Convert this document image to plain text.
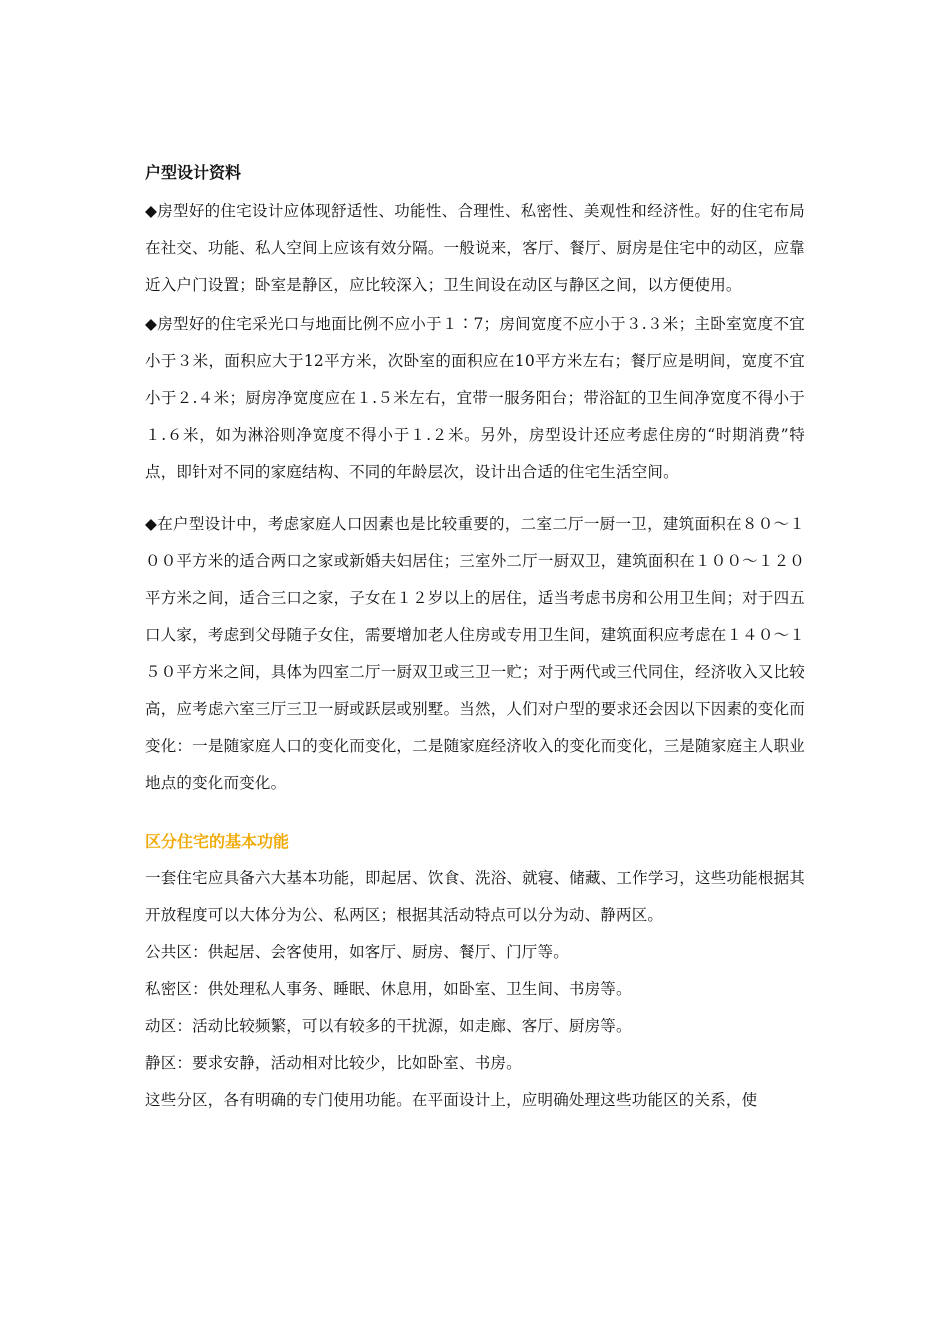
户型设计资料

◆房型好的住宅设计应体现舒适性、功能性、合理性、私密性、美观性和经济性。好的住宅布局在社交、功能、私人空间上应该有效分隔。一般说来，客厅、餐厅、厨房是住宅中的动区，应靠近入户门设置；卧室是静区，应比较深入；卫生间设在动区与静区之间，以方便使用。

◆房型好的住宅采光口与地面比例不应小于１∶7；房间宽度不应小于３.３米；主卧室宽度不宜小于３米，面积应大于12平方米，次卧室的面积应在10平方米左右；餐厅应是明间，宽度不宜小于２.４米；厨房净宽度应在１.５米左右，宜带一服务阳台；带浴缸的卫生间净宽度不得小于１.６米，如为淋浴则净宽度不得小于１.２米。另外，房型设计还应考虑住房的“时期消费”特点，即针对不同的家庭结构、不同的年龄层次，设计出合适的住宅生活空间。

◆在户型设计中，考虑家庭人口因素也是比较重要的，二室二厅一厨一卫，建筑面积在８０～１００平方米的适合两口之家或新婚夫妇居住；三室外二厅一厨双卫，建筑面积在１００～１２０平方米之间，适合三口之家，子女在１２岁以上的居住，适当考虑书房和公用卫生间；对于四五口人家，考虑到父母随子女住，需要增加老人住房或专用卫生间，建筑面积应考虑在１４０～１５０平方米之间，具体为四室二厅一厨双卫或三卫一贮；对于两代或三代同住，经济收入又比较高，应考虑六室三厅三卫一厨或跃层或别墅。当然，人们对户型的要求还会因以下因素的变化而变化：一是随家庭人口的变化而变化，二是随家庭经济收入的变化而变化，三是随家庭主人职业地点的变化而变化。

区分住宅的基本功能

一套住宅应具备六大基本功能，即起居、饮食、洗浴、就寝、储藏、工作学习，这些功能根据其开放程度可以大体分为公、私两区；根据其活动特点可以分为动、静两区。

公共区：供起居、会客使用，如客厅、厨房、餐厅、门厅等。

私密区：供处理私人事务、睡眠、休息用，如卧室、卫生间、书房等。

动区：活动比较频繁，可以有较多的干扰源，如走廊、客厅、厨房等。

静区：要求安静，活动相对比较少，比如卧室、书房。

这些分区，各有明确的专门使用功能。在平面设计上，应明确处理这些功能区的关系，使
